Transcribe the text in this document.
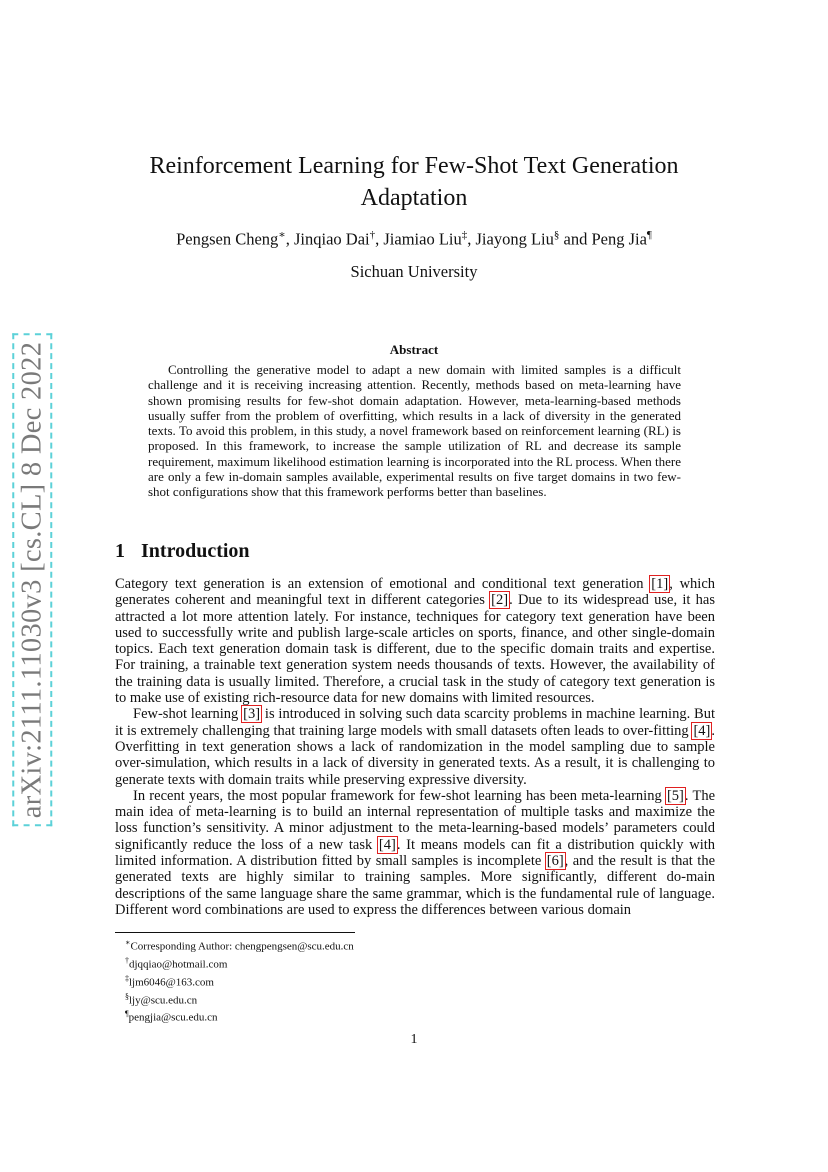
arXiv:2111.11030v3 [cs.CL] 8 Dec 2022
Reinforcement Learning for Few-Shot Text Generation Adaptation
Pengsen Cheng∗, Jinqiao Dai†, Jiamiao Liu‡, Jiayong Liu§ and Peng Jia¶
Sichuan University
Abstract

Controlling the generative model to adapt a new domain with limited samples is a difficult challenge and it is receiving increasing attention. Recently, methods based on meta-learning have shown promising results for few-shot domain adaptation. However, meta-learning-based methods usually suffer from the problem of overfitting, which results in a lack of diversity in the generated texts. To avoid this problem, in this study, a novel framework based on reinforcement learning (RL) is proposed. In this framework, to increase the sample utilization of RL and decrease its sample requirement, maximum likelihood estimation learning is incorporated into the RL process. When there are only a few in-domain samples available, experimental results on five target domains in two few-shot configurations show that this framework performs better than baselines.

1 Introduction

Category text generation is an extension of emotional and conditional text generation [1], which generates coherent and meaningful text in different categories [2]. Due to its widespread use, it has attracted a lot more attention lately. For instance, techniques for category text generation have been used to successfully write and publish large-scale articles on sports, finance, and other single-domain topics. Each text generation domain task is different, due to the specific domain traits and expertise. For training, a trainable text generation system needs thousands of texts. However, the availability of the training data is usually limited. Therefore, a crucial task in the study of category text generation is to make use of existing rich-resource data for new domains with limited resources.

Few-shot learning [3] is introduced in solving such data scarcity problems in machine learning. But it is extremely challenging that training large models with small datasets often leads to over-fitting [4]. Overfitting in text generation shows a lack of randomization in the model sampling due to sample over-simulation, which results in a lack of diversity in generated texts. As a result, it is challenging to generate texts with domain traits while preserving expressive diversity.

In recent years, the most popular framework for few-shot learning has been meta-learning [5]. The main idea of meta-learning is to build an internal representation of multiple tasks and maximize the loss function’s sensitivity. A minor adjustment to the meta-learning-based models’ parameters could significantly reduce the loss of a new task [4]. It means models can fit a distribution quickly with limited information. A distribution fitted by small samples is incomplete [6], and the result is that the generated texts are highly similar to training samples. More significantly, different do-main descriptions of the same language share the same grammar, which is the fundamental rule of language. Different word combinations are used to express the differences between various domain

∗Corresponding Author: chengpengsen@scu.edu.cn
†djqqiao@hotmail.com
‡ljm6046@163.com
§ljy@scu.edu.cn
¶pengjia@scu.edu.cn
1
